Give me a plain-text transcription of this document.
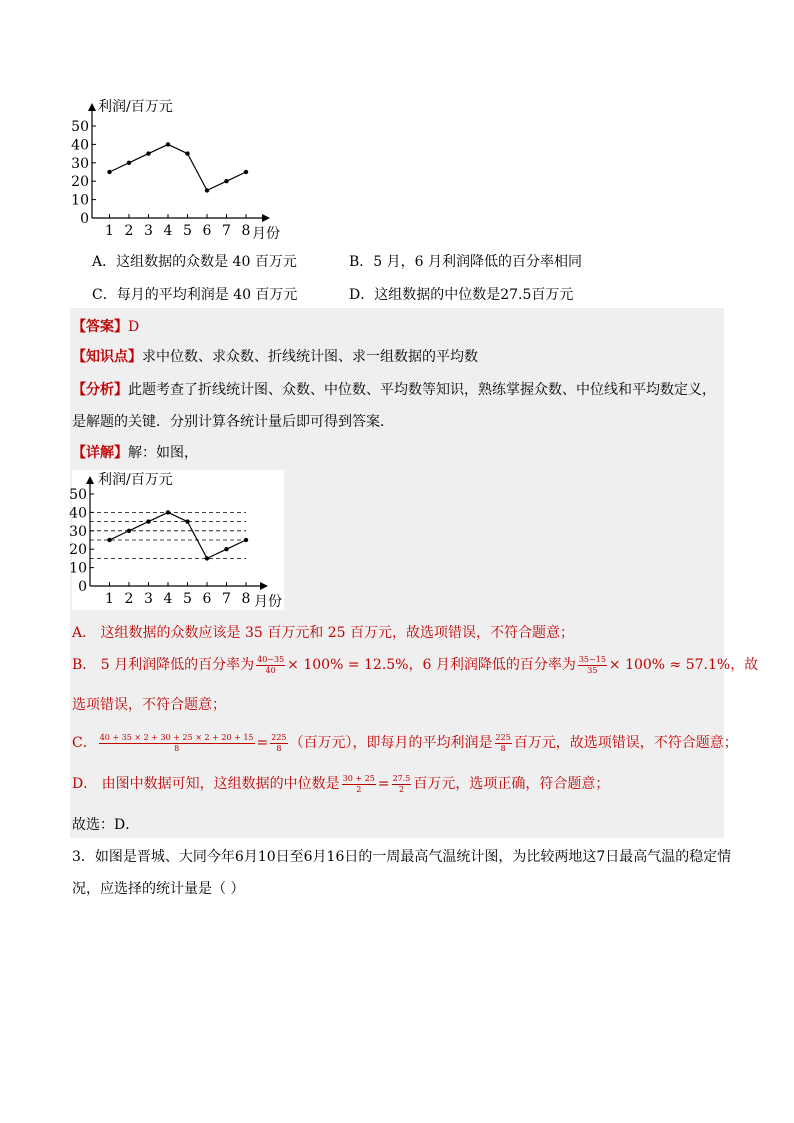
利润/百万元
月份
0
10
20
30
40
50
1 2 3 4 5 6 7 8
A．这组数据的众数是 40 百万元	B．5 月，6 月利润降低的百分率相同
C．每月的平均利润是 40 百万元	D．这组数据的中位数是27.5百万元
【答案】D
【知识点】求中位数、求众数、折线统计图、求一组数据的平均数
【分析】此题考查了折线统计图、众数、中位数、平均数等知识，熟练掌握众数、中位线和平均数定义，
是解题的关键．分别计算各统计量后即可得到答案．
【详解】解：如图，
利润/百万元
月份
0
10
20
30
40
50
1 2 3 4 5 6 7 8
A． 这组数据的众数应该是 35 百万元和 25 百万元，故选项错误，不符合题意；
B． 5 月利润降低的百分率为 $\frac{40-35}{40} \times 100\% = 12.5\%$，6 月利润降低的百分率为 $\frac{35-15}{35} \times 100\% \approx 57.1\%$，故
选项错误，不符合题意；
C． $\frac{40 + 35 \times 2 + 30 + 25 \times 2 + 20 + 15}{8} = \frac{225}{8}$ （百万元），即每月的平均利润是 $\frac{225}{8}$ 百万元，故选项错误，不符合题意；
D． 由图中数据可知，这组数据的中位数是 $\frac{30 + 25}{2} = \frac{27.5}{2}$ 百万元，选项正确，符合题意；
故选：D．
3．如图是晋城、大同今年6月10日至6月16日的一周最高气温统计图，为比较两地这7日最高气温的稳定情
况，应选择的统计量是（ ）
